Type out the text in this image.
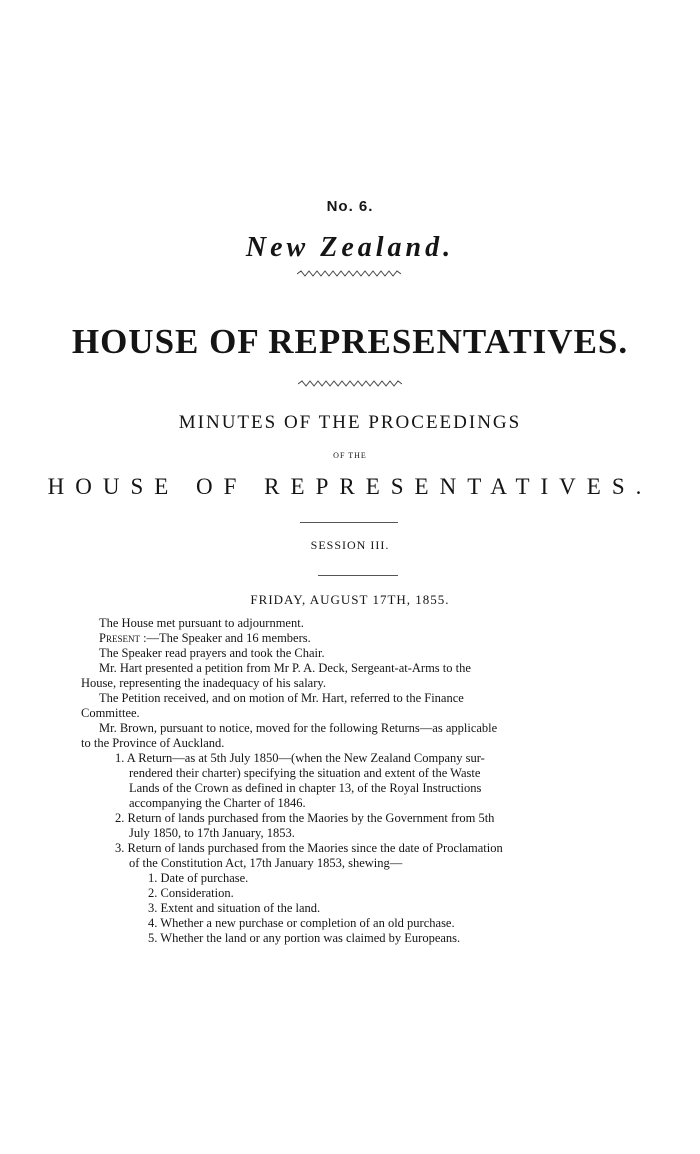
No. 6.
New Zealand.
HOUSE OF REPRESENTATIVES.
MINUTES OF THE PROCEEDINGS
OF THE
HOUSE OF REPRESENTATIVES.
SESSION III.
FRIDAY, AUGUST 17TH, 1855.
The House met pursuant to adjournment.
Present :—The Speaker and 16 members.
The Speaker read prayers and took the Chair.
Mr. Hart presented a petition from Mr P. A. Deck, Sergeant-at-Arms to the
House, representing the inadequacy of his salary.
The Petition received, and on motion of Mr. Hart, referred to the Finance
Committee.
Mr. Brown, pursuant to notice, moved for the following Returns—as applicable
to the Province of Auckland.
1. A Return—as at 5th July 1850—(when the New Zealand Company sur-
rendered their charter) specifying the situation and extent of the Waste
Lands of the Crown as defined in chapter 13, of the Royal Instructions
accompanying the Charter of 1846.
2. Return of lands purchased from the Maories by the Government from 5th
July 1850, to 17th January, 1853.
3. Return of lands purchased from the Maories since the date of Proclamation
of the Constitution Act, 17th January 1853, shewing—
1. Date of purchase.
2. Consideration.
3. Extent and situation of the land.
4. Whether a new purchase or completion of an old purchase.
5. Whether the land or any portion was claimed by Europeans.
